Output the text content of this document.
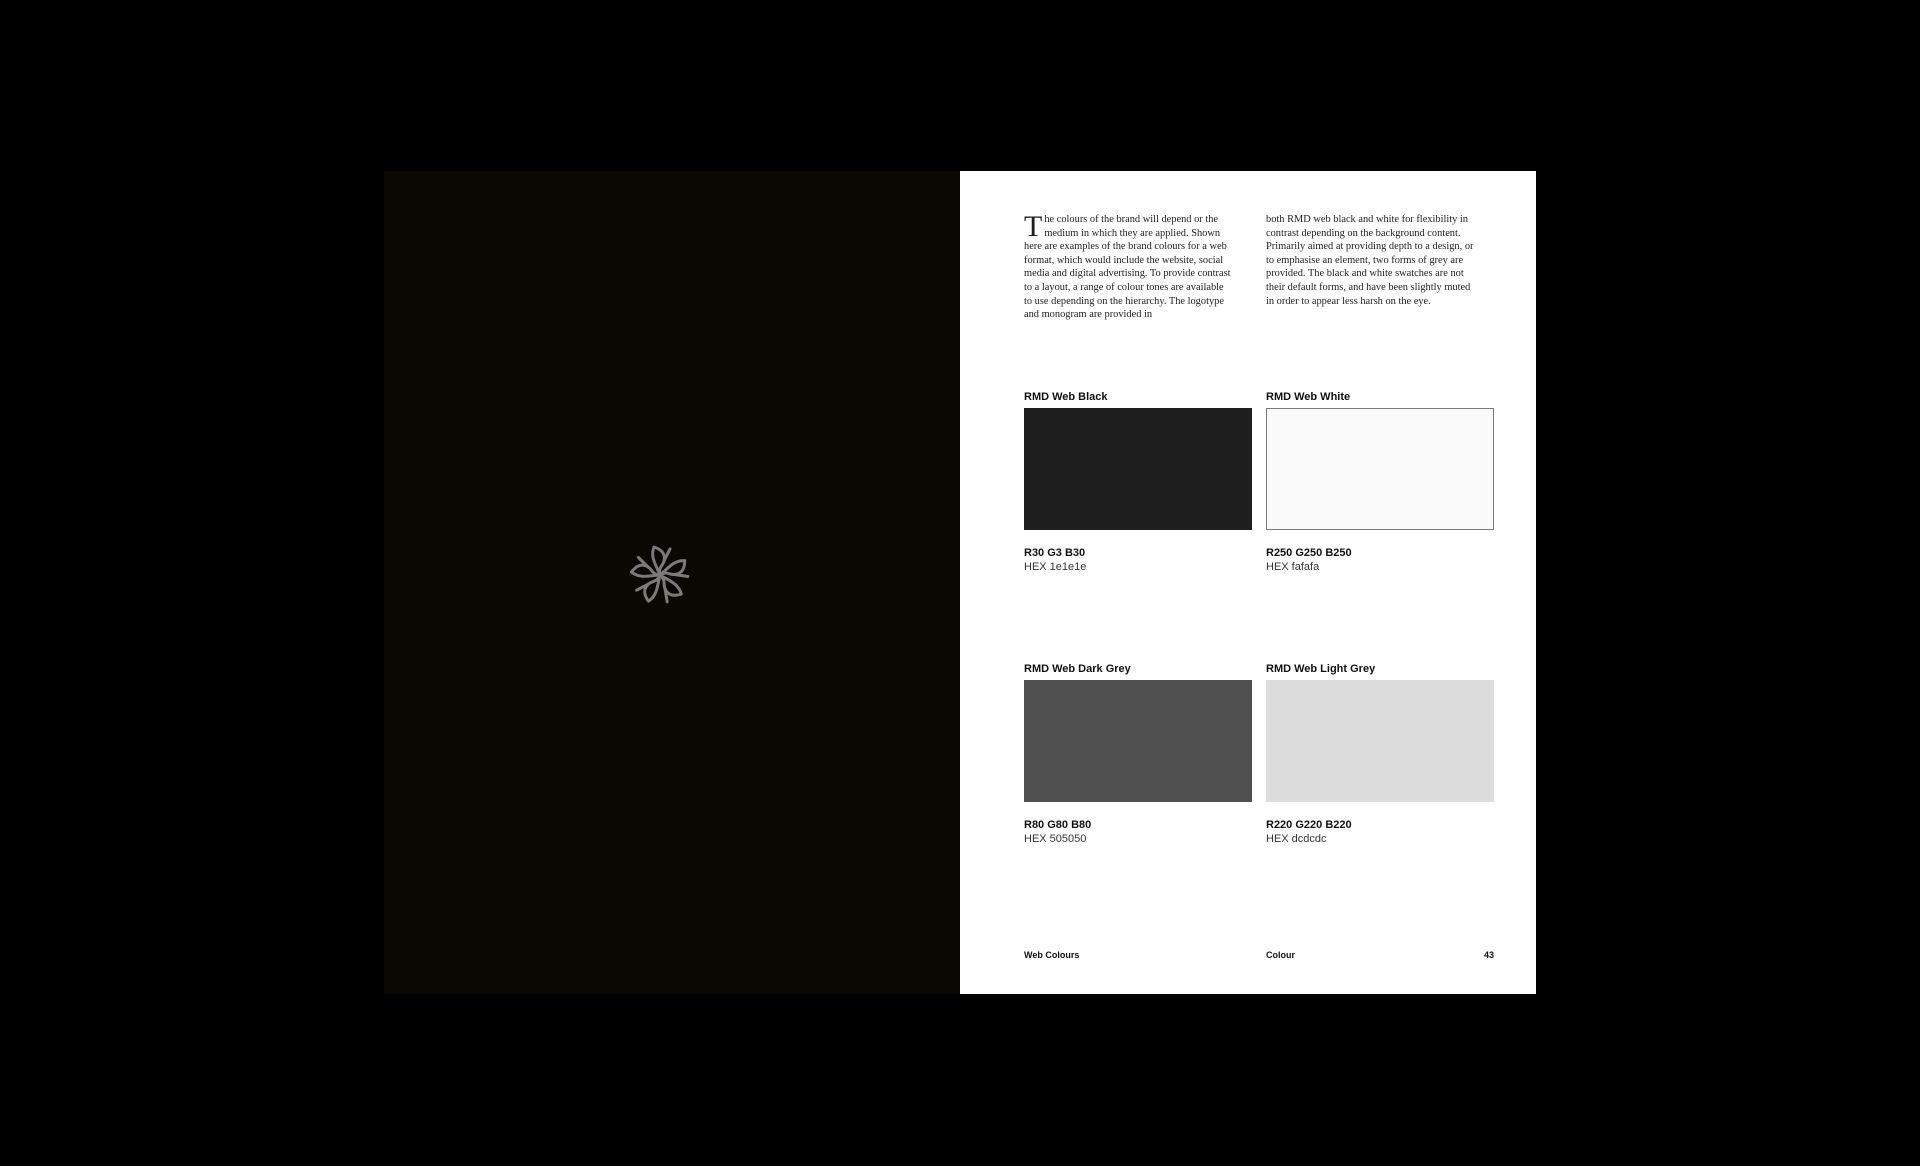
The colours of the brand will depend or the medium in which they are applied. Shown here are examples of the brand colours for a web format, which would include the website, social media and digital advertising. To provide contrast to a layout, a range of colour tones are available to use depending on the hierarchy. The logotype and monogram are provided in

both RMD web black and white for flexibility in contrast depending on the background content. Primarily aimed at providing depth to a design, or to emphasise an element, two forms of grey are provided. The black and white swatches are not their default forms, and have been slightly muted in order to appear less harsh on the eye.

RMD Web Black
R30 G3 B30
HEX 1e1e1e
RMD Web White
R250 G250 B250
HEX fafafa
RMD Web Dark Grey
R80 G80 B80
HEX 505050
RMD Web Light Grey
R220 G220 B220
HEX dcdcdc
Web Colours	Colour	43
